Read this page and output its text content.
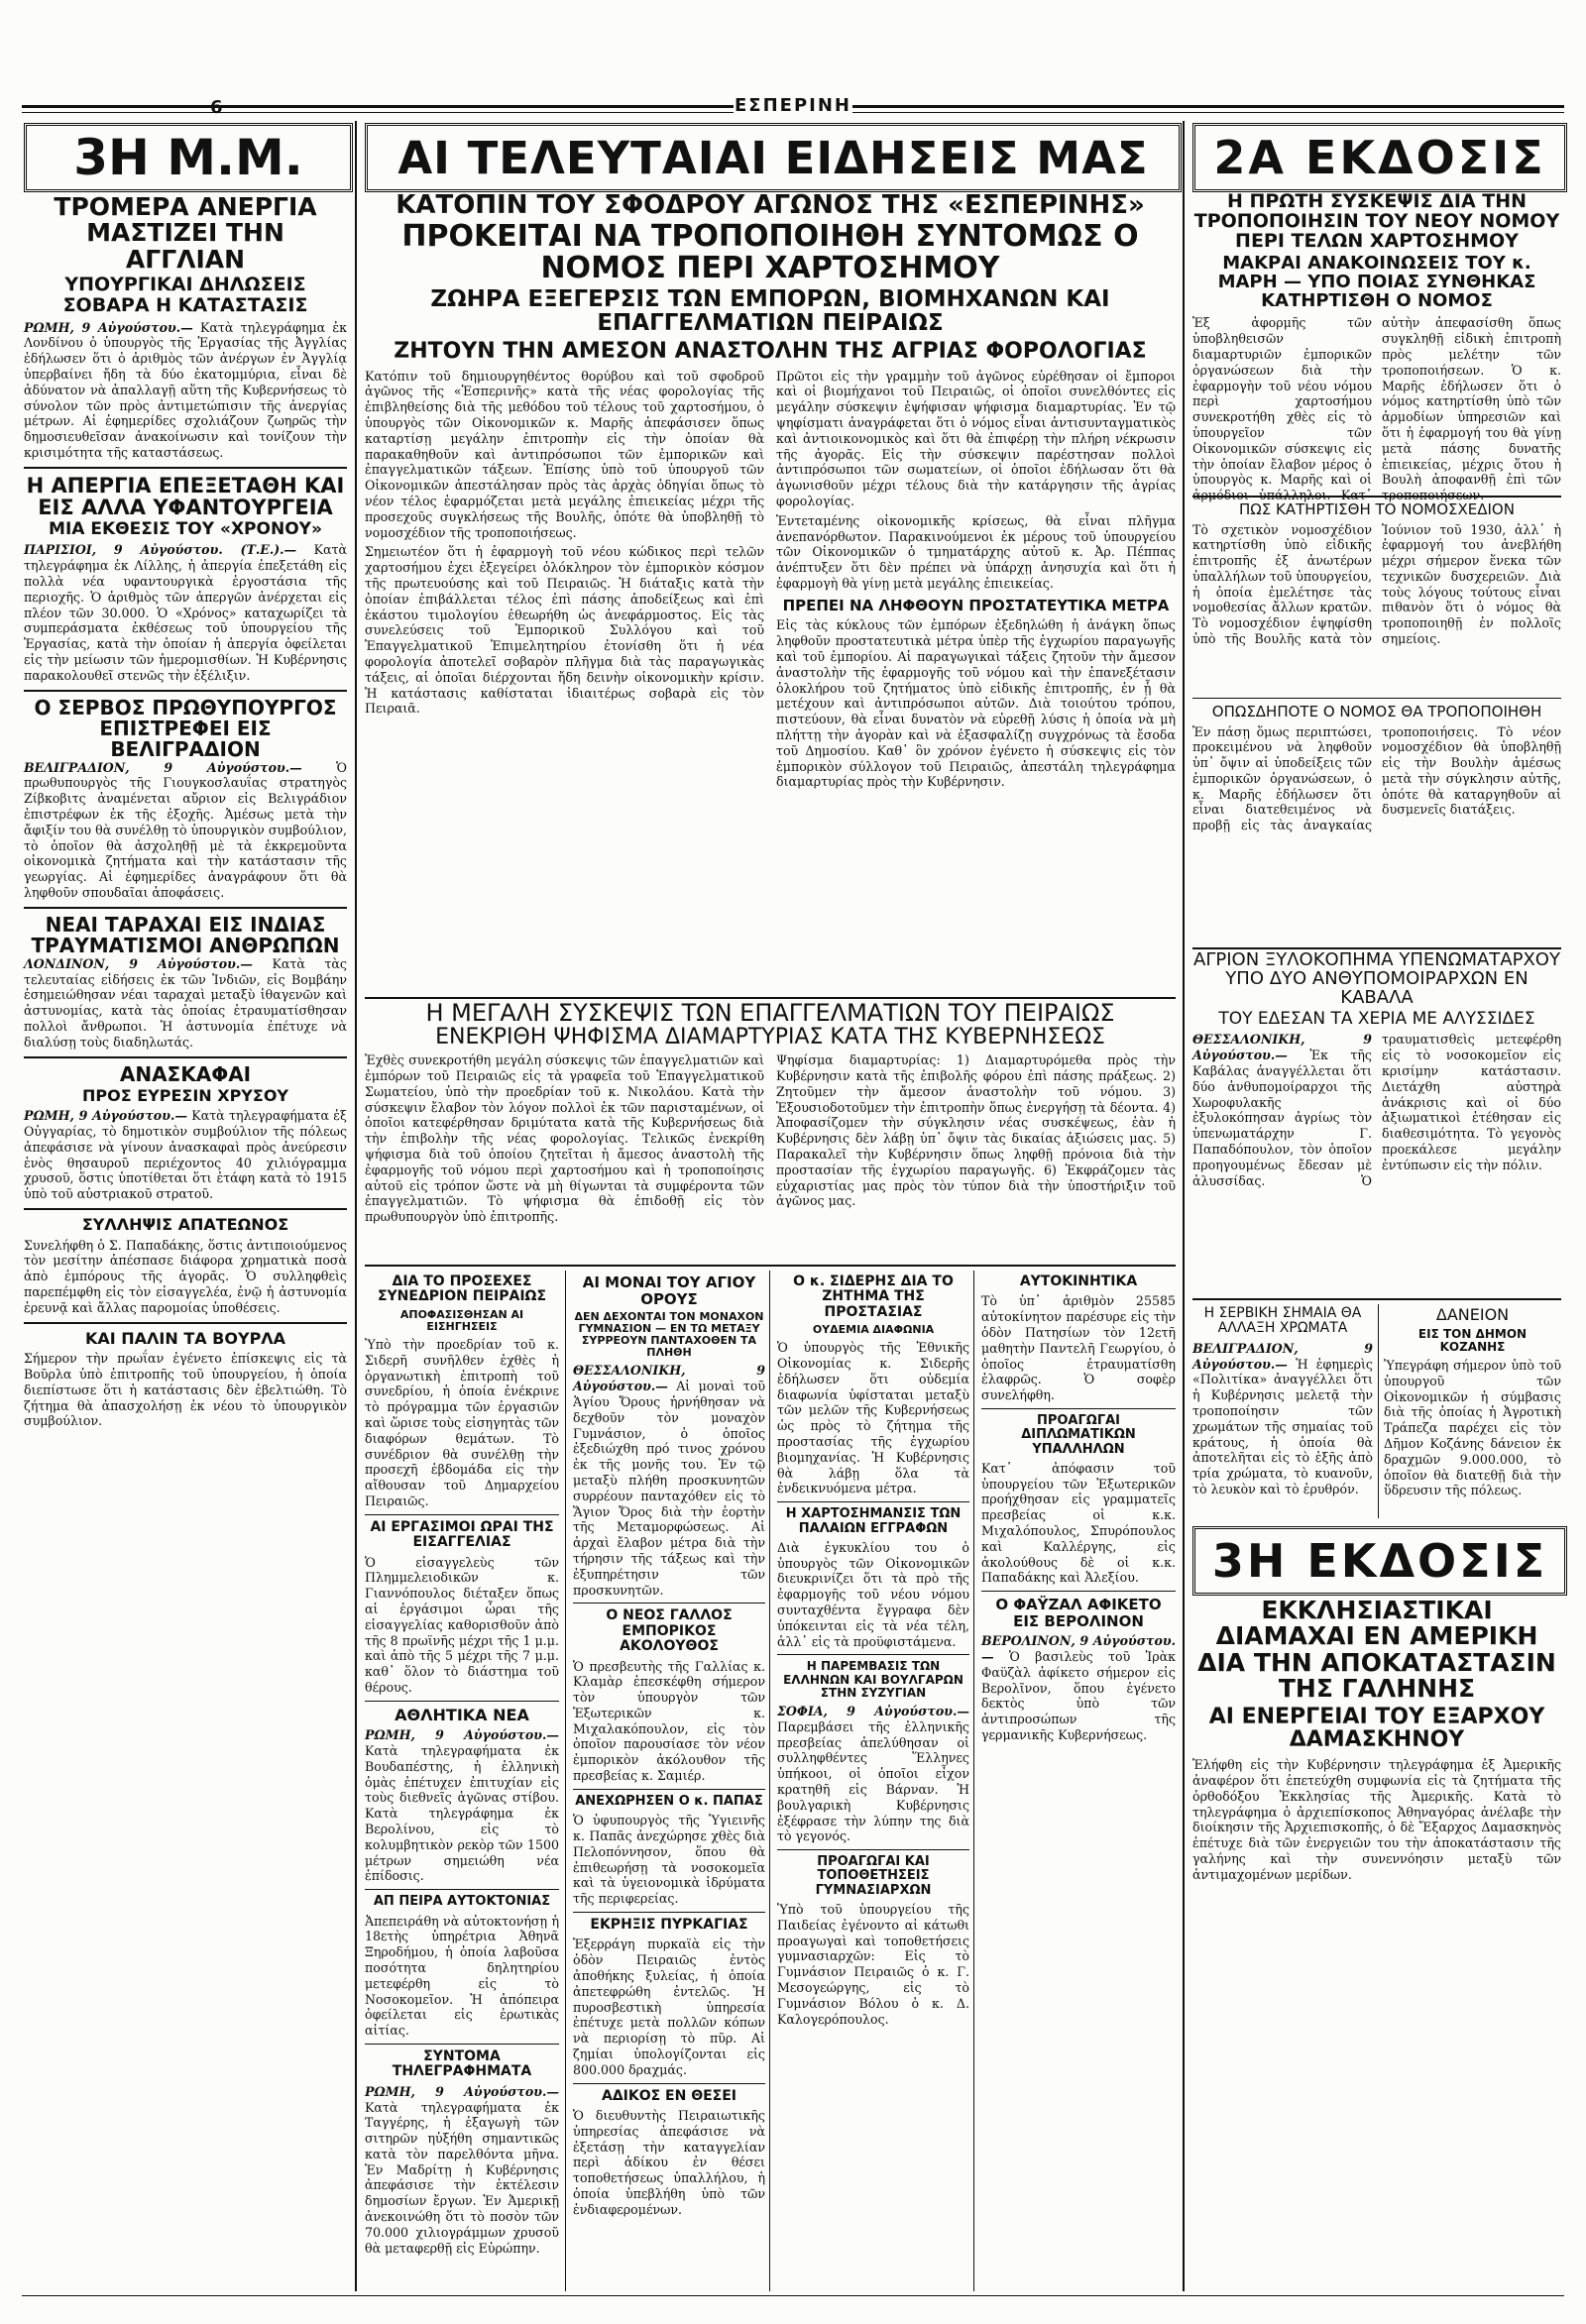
6	ΕΣΠΕΡΙΝΗ
3Η Μ.Μ.
ΤΡΟΜΕΡΑ ΑΝΕΡΓΙΑ ΜΑΣΤΙΖΕΙ ΤΗΝ ΑΓΓΛΙΑΝ
ΥΠΟΥΡΓΙΚΑΙ ΔΗΛΩΣΕΙΣ ΣΟΒΑΡΑ Η ΚΑΤΑΣΤΑΣΙΣ
ΡΩΜΗ, 9 Αὐγούστου.— Κατὰ τηλεγράφημα ἐκ Λονδίνου ὁ ὑπουργὸς τῆς Ἐργασίας τῆς Ἀγγλίας ἐδήλωσεν ὅτι ὁ ἀριθμὸς τῶν ἀνέργων ἐν Ἀγγλίᾳ ὑπερβαίνει ἤδη τὰ δύο ἑκατομμύρια, εἶναι δὲ ἀδύνατον νὰ ἀπαλλαγῇ αὕτη τῆς Κυβερνήσεως τὸ σύνολον τῶν πρὸς ἀντιμετώπισιν τῆς ἀνεργίας μέτρων. Αἱ ἐφημερίδες σχολιάζουν ζωηρῶς τὴν δημοσιευθεῖσαν ἀνακοίνωσιν καὶ τονίζουν τὴν κρισιμότητα τῆς καταστάσεως.
Η ΑΠΕΡΓΙΑ ΕΠΕΞΕΤΑΘΗ ΚΑΙ ΕΙΣ ΑΛΛΑ ΥΦΑΝΤΟΥΡΓΕΙΑ
ΜΙΑ ΕΚΘΕΣΙΣ ΤΟΥ «ΧΡΟΝΟΥ»
ΠΑΡΙΣΙΟΙ, 9 Αὐγούστου. (Τ.Ε.).— Κατὰ τηλεγράφημα ἐκ Λίλλης, ἡ ἀπεργία ἐπεξετάθη εἰς πολλὰ νέα υφαντουργικὰ ἐργοστάσια τῆς περιοχῆς. Ὁ ἀριθμὸς τῶν ἀπεργῶν ἀνέρχεται εἰς πλέον τῶν 30.000. Ὁ «Χρόνος» καταχωρίζει τὰ συμπεράσματα ἐκθέσεως τοῦ ὑπουργείου τῆς Ἐργασίας, κατὰ τὴν ὁποίαν ἡ ἀπεργία ὀφείλεται εἰς τὴν μείωσιν τῶν ἡμερομισθίων. Ἡ Κυβέρνησις παρακολουθεῖ στενῶς τὴν ἐξέλιξιν.
Ο ΣΕΡΒΟΣ ΠΡΩΘΥΠΟΥΡΓΟΣ ΕΠΙΣΤΡΕΦΕΙ ΕΙΣ ΒΕΛΙΓΡΑΔΙΟΝ
ΒΕΛΙΓΡΑΔΙΟΝ, 9 Αὐγούστου.—	Ὁ πρωθυπουργὸς τῆς Γιουγκοσλαυΐας στρατηγὸς Ζίβκοβιτς ἀναμένεται αὔριον εἰς Βελιγράδιον ἐπιστρέφων ἐκ τῆς ἐξοχῆς. Ἀμέσως μετὰ τὴν ἄφιξίν του θὰ συνέλθῃ τὸ ὑπουργικὸν συμβούλιον, τὸ ὁποῖον θὰ ἀσχοληθῇ μὲ τὰ ἐκκρεμοῦντα οἰκονομικὰ ζητήματα καὶ τὴν κατάστασιν τῆς γεωργίας. Αἱ ἐφημερίδες ἀναγράφουν ὅτι θὰ ληφθοῦν σπουδαῖαι ἀποφάσεις.
ΝΕΑΙ ΤΑΡΑΧΑΙ ΕΙΣ ΙΝΔΙΑΣ ΤΡΑΥΜΑΤΙΣΜΟΙ ΑΝΘΡΩΠΩΝ
ΛΟΝΔΙΝΟΝ, 9 Αὐγούστου.— Κατὰ τὰς τελευταίας εἰδήσεις ἐκ τῶν Ἰνδιῶν, εἰς Βομβάην ἐσημειώθησαν νέαι ταραχαὶ μεταξὺ ἰθαγενῶν καὶ ἀστυνομίας, κατὰ τὰς ὁποίας ἐτραυματίσθησαν πολλοὶ ἄνθρωποι. Ἡ ἀστυνομία ἐπέτυχε νὰ διαλύσῃ τοὺς διαδηλωτάς.
ΑΝΑΣΚΑΦΑΙ
ΠΡΟΣ ΕΥΡΕΣΙΝ ΧΡΥΣΟΥ
ΡΩΜΗ, 9 Αὐγούστου.— Κατὰ τηλεγραφήματα ἐξ Οὐγγαρίας, τὸ δημοτικὸν συμβούλιον τῆς πόλεως ἀπεφάσισε νὰ γίνουν ἀνασκαφαὶ πρὸς ἀνεύρεσιν ἑνὸς θησαυροῦ περιέχοντος 40 χιλιόγραμμα χρυσοῦ, ὅστις ὑποτίθεται ὅτι ἐτάφη κατὰ τὸ 1915 ὑπὸ τοῦ αὐστριακοῦ στρατοῦ.
ΣΥΛΛΗΨΙΣ ΑΠΑΤΕΩΝΟΣ
Συνελήφθη ὁ Σ. Παπαδάκης, ὅστις ἀντιποιούμενος τὸν μεσίτην ἀπέσπασε διάφορα χρηματικὰ ποσὰ ἀπὸ ἐμπόρους τῆς ἀγορᾶς. Ὁ συλληφθεὶς παρεπέμφθη εἰς τὸν εἰσαγγελέα, ἐνῷ ἡ ἀστυνομία ἐρευνᾷ καὶ ἄλλας παρομοίας ὑποθέσεις.
ΚΑΙ ΠΑΛΙΝ ΤΑ ΒΟΥΡΛΑ
Σήμερον τὴν πρωΐαν ἐγένετο ἐπίσκεψις εἰς τὰ Βοῦρλα ὑπὸ ἐπιτροπῆς τοῦ ὑπουργείου, ἡ ὁποία διεπίστωσε ὅτι ἡ κατάστασις δὲν ἐβελτιώθη. Τὸ ζήτημα θὰ ἀπασχολήσῃ ἐκ νέου τὸ ὑπουργικὸν συμβούλιον.
ΑΙ ΤΕΛΕΥΤΑΙΑΙ ΕΙΔΗΣΕΙΣ ΜΑΣ
ΚΑΤΟΠΙΝ ΤΟΥ ΣΦΟΔΡΟΥ ΑΓΩΝΟΣ ΤΗΣ «ΕΣΠΕΡΙΝΗΣ»
ΠΡΟΚΕΙΤΑΙ ΝΑ ΤΡΟΠΟΠΟΙΗΘΗ ΣΥΝΤΟΜΩΣ Ο ΝΟΜΟΣ ΠΕΡΙ ΧΑΡΤΟΣΗΜΟΥ
ΖΩΗΡΑ ΕΞΕΓΕΡΣΙΣ ΤΩΝ ΕΜΠΟΡΩΝ, ΒΙΟΜΗΧΑΝΩΝ ΚΑΙ ΕΠΑΓΓΕΛΜΑΤΙΩΝ ΠΕΙΡΑΙΩΣ
ΖΗΤΟΥΝ ΤΗΝ ΑΜΕΣΟΝ ΑΝΑΣΤΟΛΗΝ ΤΗΣ ΑΓΡΙΑΣ ΦΟΡΟΛΟΓΙΑΣ
Κατόπιν τοῦ δημιουργηθέντος θορύβου καὶ τοῦ σφοδροῦ ἀγῶνος τῆς «Ἑσπερινῆς» κατὰ τῆς νέας φορολογίας τῆς ἐπιβληθείσης διὰ τῆς μεθόδου τοῦ τέλους τοῦ χαρτοσήμου, ὁ ὑπουργὸς τῶν Οἰκονομικῶν κ. Μαρῆς ἀπεφάσισεν ὅπως καταρτίσῃ μεγάλην ἐπιτροπὴν εἰς τὴν ὁποίαν θὰ παρακαθηθοῦν καὶ ἀντιπρόσωποι τῶν ἐμπορικῶν καὶ ἐπαγγελματικῶν τάξεων. Ἐπίσης ὑπὸ τοῦ ὑπουργοῦ τῶν Οἰκονομικῶν ἀπεστάλησαν πρὸς τὰς ἀρχὰς ὁδηγίαι ὅπως τὸ νέον τέλος ἐφαρμόζεται μετὰ μεγάλης ἐπιεικείας μέχρι τῆς προσεχοῦς συγκλήσεως τῆς Βουλῆς, ὁπότε θὰ ὑποβληθῇ τὸ νομοσχέδιον τῆς τροποποιήσεως.
Σημειωτέον ὅτι ἡ ἐφαρμογὴ τοῦ νέου κώδικος περὶ τελῶν χαρτοσήμου ἐχει ἐξεγείρει ὁλόκληρον τὸν ἐμπορικὸν κόσμον τῆς πρωτευούσης καὶ τοῦ Πειραιῶς. Ἡ διάταξις κατὰ τὴν ὁποίαν ἐπιβάλλεται τέλος ἐπὶ πάσης ἀποδείξεως καὶ ἐπὶ ἑκάστου τιμολογίου ἐθεωρήθη ὡς ἀνεφάρμοστος. Εἰς τὰς συνελεύσεις τοῦ Ἐμπορικοῦ Συλλόγου καὶ τοῦ Ἐπαγγελματικοῦ Ἐπιμελητηρίου ἐτονίσθη ὅτι ἡ νέα φορολογία ἀποτελεῖ σοβαρὸν πλῆγμα διὰ τὰς παραγωγικὰς τάξεις, αἱ ὁποῖαι διέρχονται ἤδη δεινὴν οἰκονομικὴν κρίσιν. Ἡ κατάστασις καθίσταται ἰδιαιτέρως σοβαρὰ εἰς τὸν Πειραιᾶ.
Πρῶτοι εἰς τὴν γραμμὴν τοῦ ἀγῶνος εὑρέθησαν οἱ ἔμποροι καὶ οἱ βιομήχανοι τοῦ Πειραιῶς, οἱ ὁποῖοι συνελθόντες εἰς μεγάλην σύσκεψιν ἐψήφισαν ψήφισμα διαμαρτυρίας. Ἐν τῷ ψηφίσματι ἀναγράφεται ὅτι ὁ νόμος εἶναι ἀντισυνταγματικὸς καὶ ἀντιοικονομικὸς καὶ ὅτι θὰ ἐπιφέρῃ τὴν πλήρη νέκρωσιν τῆς ἀγορᾶς. Εἰς τὴν σύσκεψιν παρέστησαν πολλοὶ ἀντιπρόσωποι τῶν σωματείων, οἱ ὁποῖοι ἐδήλωσαν ὅτι θὰ ἀγωνισθοῦν μέχρι τέλους διὰ τὴν κατάργησιν τῆς ἀγρίας φορολογίας.
Ἐντεταμένης οἰκονομικῆς κρίσεως, θὰ εἶναι πλῆγμα ἀνεπανόρθωτον. Παρακινούμενοι ἐκ μέρους τοῦ ὑπουργείου τῶν Οἰκονομικῶν ὁ τμηματάρχης αὐτοῦ κ. Ἀρ. Πέππας ἀνέπτυξεν ὅτι δὲν πρέπει νὰ ὑπάρχῃ ἀνησυχία καὶ ὅτι ἡ ἐφαρμογὴ θὰ γίνῃ μετὰ μεγάλης ἐπιεικείας.
ΠΡΕΠΕΙ ΝΑ ΛΗΦΘΟΥΝ ΠΡΟΣΤΑΤΕΥΤΙΚΑ ΜΕΤΡΑ
Εἰς τὰς κύκλους τῶν ἐμπόρων ἐξεδηλώθη ἡ ἀνάγκη ὅπως ληφθοῦν προστατευτικὰ μέτρα ὑπὲρ τῆς ἐγχωρίου παραγωγῆς καὶ τοῦ ἐμπορίου. Αἱ παραγωγικαὶ τάξεις ζητοῦν τὴν ἄμεσον ἀναστολὴν τῆς ἐφαρμογῆς τοῦ νόμου καὶ τὴν ἐπανεξέτασιν ὁλοκλήρου τοῦ ζητήματος ὑπὸ εἰδικῆς ἐπιτροπῆς, ἐν ᾗ θὰ μετέχουν καὶ ἀντιπρόσωποι αὐτῶν. Διὰ τοιούτου τρόπου, πιστεύουν, θὰ εἶναι δυνατὸν νὰ εὑρεθῇ λύσις ἡ ὁποία νὰ μὴ πλήττῃ τὴν ἀγορὰν καὶ νὰ ἐξασφαλίζῃ συγχρόνως τὰ ἔσοδα τοῦ Δημοσίου. Καθ᾽ ὃν χρόνον ἐγένετο ἡ σύσκεψις εἰς τὸν ἐμπορικὸν σύλλογον τοῦ Πειραιῶς, ἀπεστάλη τηλεγράφημα διαμαρτυρίας πρὸς τὴν Κυβέρνησιν.
Η ΜΕΓΑΛΗ ΣΥΣΚΕΨΙΣ ΤΩΝ ΕΠΑΓΓΕΛΜΑΤΙΩΝ ΤΟΥ ΠΕΙΡΑΙΩΣ
ΕΝΕΚΡΙΘΗ ΨΗΦΙΣΜΑ ΔΙΑΜΑΡΤΥΡΙΑΣ ΚΑΤΑ ΤΗΣ ΚΥΒΕΡΝΗΣΕΩΣ
Ἐχθὲς συνεκροτήθη μεγάλη σύσκεψις τῶν ἐπαγγελματιῶν καὶ ἐμπόρων τοῦ Πειραιῶς εἰς τὰ γραφεῖα τοῦ Ἐπαγγελματικοῦ Σωματείου, ὑπὸ τὴν προεδρίαν τοῦ κ. Νικολάου. Κατὰ τὴν σύσκεψιν ἔλαβον τὸν λόγον πολλοὶ ἐκ τῶν παρισταμένων, οἱ ὁποῖοι κατεφέρθησαν δριμύτατα κατὰ τῆς Κυβερνήσεως διὰ τὴν ἐπιβολὴν τῆς νέας φορολογίας. Τελικῶς ἐνεκρίθη ψήφισμα διὰ τοῦ ὁποίου ζητεῖται ἡ ἄμεσος ἀναστολὴ τῆς ἐφαρμογῆς τοῦ νόμου περὶ χαρτοσήμου καὶ ἡ τροποποίησις αὐτοῦ εἰς τρόπον ὥστε νὰ μὴ θίγωνται τὰ συμφέροντα τῶν ἐπαγγελματιῶν. Τὸ ψήφισμα θὰ ἐπιδοθῇ εἰς τὸν πρωθυπουργὸν ὑπὸ ἐπιτροπῆς.
Ψηφίσμα διαμαρτυρίας: 1) Διαμαρτυρόμεθα πρὸς τὴν Κυβέρνησιν κατὰ τῆς ἐπιβολῆς φόρου ἐπὶ πάσης πράξεως. 2) Ζητοῦμεν τὴν ἄμεσον ἀναστολὴν τοῦ νόμου. 3) Ἐξουσιοδοτοῦμεν τὴν ἐπιτροπὴν ὅπως ἐνεργήσῃ τὰ δέοντα. 4) Ἀποφασίζομεν τὴν σύγκλησιν νέας συσκέψεως, ἐὰν ἡ Κυβέρνησις δὲν λάβῃ ὑπ᾽ ὄψιν τὰς δικαίας ἀξιώσεις μας. 5) Παρακαλεῖ τὴν Κυβέρνησιν ὅπως ληφθῇ πρόνοια διὰ τὴν προστασίαν τῆς ἐγχωρίου παραγωγῆς. 6) Ἐκφράζομεν τὰς εὐχαριστίας μας πρὸς τὸν τύπον διὰ τὴν ὑποστήριξιν τοῦ ἀγῶνος μας.
ΔΙΑ ΤΟ ΠΡΟΣΕΧΕΣ ΣΥΝΕΔΡΙΟΝ ΠΕΙΡΑΙΩΣ
ΑΠΟΦΑΣΙΣΘΗΣΑΝ ΑΙ ΕΙΣΗΓΗΣΕΙΣ
Ὑπὸ τὴν προεδρίαν τοῦ κ. Σιδερῆ συνῆλθεν ἐχθὲς ἡ ὀργανωτικὴ ἐπιτροπὴ τοῦ συνεδρίου, ἡ ὁποία ἐνέκρινε τὸ πρόγραμμα τῶν ἐργασιῶν καὶ ὥρισε τοὺς εἰσηγητὰς τῶν διαφόρων θεμάτων. Τὸ συνέδριον θὰ συνέλθῃ τὴν προσεχῆ ἑβδομάδα εἰς τὴν αἴθουσαν τοῦ Δημαρχείου Πειραιῶς.
ΑΙ ΕΡΓΑΣΙΜΟΙ ΩΡΑΙ ΤΗΣ ΕΙΣΑΓΓΕΛΙΑΣ
Ὁ εἰσαγγελεὺς τῶν Πλημμελειοδικῶν κ. Γιαννόπουλος διέταξεν ὅπως αἱ ἐργάσιμοι ὧραι τῆς εἰσαγγελίας καθορισθοῦν ἀπὸ τῆς 8 πρωϊνῆς μέχρι τῆς 1 μ.μ. καὶ ἀπὸ τῆς 5 μέχρι τῆς 7 μ.μ. καθ᾽ ὅλον τὸ διάστημα τοῦ θέρους.
ΑΘΛΗΤΙΚΑ ΝΕΑ
ΡΩΜΗ, 9 Αὐγούστου.— Κατὰ τηλεγραφήματα ἐκ Βουδαπέστης, ἡ ἑλληνικὴ ὁμὰς ἐπέτυχεν ἐπιτυχίαν εἰς τοὺς διεθνεῖς ἀγῶνας στίβου. Κατὰ τηλεγράφημα ἐκ Βερολίνου, εἰς τὸ κολυμβητικὸν ρεκὸρ τῶν 1500 μέτρων σημειώθη νέα ἐπίδοσις.
ΑΠ ΠΕΙΡΑ ΑΥΤΟΚΤΟΝΙΑΣ
Ἀπεπειράθη νὰ αὐτοκτονήσῃ ἡ 18ετὴς ὑπηρέτρια Ἀθηνᾶ Ξηροδήμου, ἡ ὁποία λαβοῦσα ποσότητα δηλητηρίου μετεφέρθη εἰς τὸ Νοσοκομεῖον. Ἡ ἀπόπειρα ὀφείλεται εἰς ἐρωτικὰς αἰτίας.
ΣΥΝΤΟΜΑ ΤΗΛΕΓΡΑΦΗΜΑΤΑ
ΡΩΜΗ, 9 Αὐγούστου.— Κατὰ τηλεγραφήματα ἐκ Ταγγέρης, ἡ ἐξαγωγὴ τῶν σιτηρῶν ηὐξήθη σημαντικῶς κατὰ τὸν παρελθόντα μῆνα. Ἐν Μαδρίτῃ ἡ Κυβέρνησις ἀπεφάσισε τὴν ἐκτέλεσιν δημοσίων ἔργων. Ἐν Ἀμερικῇ ἀνεκοινώθη ὅτι τὸ ποσὸν τῶν 70.000 χιλιογράμμων χρυσοῦ θὰ μεταφερθῇ εἰς Εὐρώπην.
ΑΙ ΜΟΝΑΙ ΤΟΥ ΑΓΙΟΥ ΟΡΟΥΣ
ΔΕΝ ΔΕΧΟΝΤΑΙ ΤΟΝ ΜΟΝΑΧΟΝ ΓΥΜΝΑΣΙΟΝ — ΕΝ ΤΩ ΜΕΤΑΞΥ ΣΥΡΡΕΟΥΝ ΠΑΝΤΑΧΟΘΕΝ ΤΑ ΠΛΗΘΗ
ΘΕΣΣΑΛΟΝΙΚΗ, 9 Αὐγούστου.— Αἱ μοναὶ τοῦ Ἁγίου Ὄρους ἠρνήθησαν νὰ δεχθοῦν τὸν μοναχὸν Γυμνάσιον, ὁ ὁποῖος ἐξεδιώχθη πρό τινος χρόνου ἐκ τῆς μονῆς του. Ἐν τῷ μεταξὺ πλήθη προσκυνητῶν συρρέουν πανταχόθεν εἰς τὸ Ἅγιον Ὄρος διὰ τὴν ἑορτὴν τῆς Μεταμορφώσεως. Αἱ ἀρχαὶ ἔλαβον μέτρα διὰ τὴν τήρησιν τῆς τάξεως καὶ τὴν ἐξυπηρέτησιν τῶν προσκυνητῶν.
Ο ΝΕΟΣ ΓΑΛΛΟΣ ΕΜΠΟΡΙΚΟΣ ΑΚΟΛΟΥΘΟΣ
Ὁ πρεσβευτὴς τῆς Γαλλίας κ. Κλαμὰρ ἐπεσκέφθη σήμερον τὸν ὑπουργὸν τῶν Ἐξωτερικῶν κ. Μιχαλακόπουλον, εἰς τὸν ὁποῖον παρουσίασε τὸν νέον ἐμπορικὸν ἀκόλουθον τῆς πρεσβείας κ. Σαμιέρ.
ΑΝΕΧΩΡΗΣΕΝ Ο κ. ΠΑΠΑΣ
Ὁ ὑφυπουργὸς τῆς Ὑγιεινῆς κ. Παπᾶς ἀνεχώρησε χθὲς διὰ Πελοπόννησον, ὅπου θὰ ἐπιθεωρήσῃ τὰ νοσοκομεῖα καὶ τὰ ὑγειονομικὰ ἱδρύματα τῆς περιφερείας.
ΕΚΡΗΞΙΣ ΠΥΡΚΑΓΙΑΣ
Ἐξερράγη πυρκαϊὰ εἰς τὴν ὁδὸν Πειραιῶς ἐντὸς ἀποθήκης ξυλείας, ἡ ὁποία ἀπετεφρώθη ἐντελῶς. Ἡ πυροσβεστικὴ ὑπηρεσία ἐπέτυχε μετὰ πολλῶν κόπων νὰ περιορίσῃ τὸ πῦρ. Αἱ ζημίαι ὑπολογίζονται εἰς 800.000 δραχμάς.
ΑΔΙΚΟΣ ΕΝ ΘΕΣΕΙ
Ὁ διευθυντὴς Πειραιωτικῆς ὑπηρεσίας ἀπεφάσισε νὰ ἐξετάσῃ τὴν καταγγελίαν περὶ ἀδίκου ἐν θέσει τοποθετήσεως ὑπαλλήλου, ἡ ὁποία ὑπεβλήθη ὑπὸ τῶν ἐνδιαφερομένων.
Ο κ. ΣΙΔΕΡΗΣ ΔΙΑ ΤΟ ΖΗΤΗΜΑ ΤΗΣ ΠΡΟΣΤΑΣΙΑΣ
ΟΥΔΕΜΙΑ ΔΙΑΦΩΝΙΑ
Ὁ ὑπουργὸς τῆς Ἐθνικῆς Οἰκονομίας κ. Σιδερῆς ἐδήλωσεν ὅτι οὐδεμία διαφωνία ὑφίσταται μεταξὺ τῶν μελῶν τῆς Κυβερνήσεως ὡς πρὸς τὸ ζήτημα τῆς προστασίας τῆς ἐγχωρίου βιομηχανίας. Ἡ Κυβέρνησις θὰ λάβῃ ὅλα τὰ ἐνδεικνυόμενα μέτρα.
Η ΧΑΡΤΟΣΗΜΑΝΣΙΣ ΤΩΝ ΠΑΛΑΙΩΝ ΕΓΓΡΑΦΩΝ
Διὰ ἐγκυκλίου του ὁ ὑπουργὸς τῶν Οἰκονομικῶν διευκρινίζει ὅτι τὰ πρὸ τῆς ἐφαρμογῆς τοῦ νέου νόμου συνταχθέντα ἔγγραφα δὲν ὑπόκεινται εἰς τὰ νέα τέλη, ἀλλ᾽ εἰς τὰ προϋφιστάμενα.
Η ΠΑΡΕΜΒΑΣΙΣ ΤΩΝ ΕΛΛΗΝΩΝ ΚΑΙ ΒΟΥΛΓΑΡΩΝ ΣΤΗΝ ΣΥΖΥΓΙΑΝ
ΣΟΦΙΑ, 9 Αὐγούστου.— Παρεμβάσει τῆς ἑλληνικῆς πρεσβείας ἀπελύθησαν οἱ συλληφθέντες Ἕλληνες ὑπήκοοι, οἱ ὁποῖοι εἶχον κρατηθῆ εἰς Βάρναν. Ἡ βουλγαρικὴ Κυβέρνησις ἐξέφρασε τὴν λύπην της διὰ τὸ γεγονός.
ΠΡΟΑΓΩΓΑΙ ΚΑΙ ΤΟΠΟΘΕΤΗΣΕΙΣ ΓΥΜΝΑΣΙΑΡΧΩΝ
Ὑπὸ τοῦ ὑπουργείου τῆς Παιδείας ἐγένοντο αἱ κάτωθι προαγωγαὶ καὶ τοποθετήσεις γυμνασιαρχῶν: Εἰς τὸ Γυμνάσιον Πειραιῶς ὁ κ. Γ. Μεσογεώργης, εἰς τὸ Γυμνάσιον Βόλου ὁ κ. Δ. Καλογερόπουλος.
ΑΥΤΟΚΙΝΗΤΙΚΑ
Τὸ ὑπ᾽ ἀριθμὸν 25585 αὐτοκίνητον παρέσυρε εἰς τὴν ὁδὸν Πατησίων τὸν 12ετῆ μαθητὴν Παντελῆ Γεωργίου, ὁ ὁποῖος ἐτραυματίσθη ἐλαφρῶς. Ὁ σοφὲρ συνελήφθη.
ΠΡΟΑΓΩΓΑΙ ΔΙΠΛΩΜΑΤΙΚΩΝ ΥΠΑΛΛΗΛΩΝ
Κατ᾽ ἀπόφασιν τοῦ ὑπουργείου τῶν Ἐξωτερικῶν προήχθησαν εἰς γραμματεῖς πρεσβείας οἱ κ.κ. Μιχαλόπουλος, Σπυρόπουλος καὶ Καλλέργης, εἰς ἀκολούθους δὲ οἱ κ.κ. Παπαδάκης καὶ Ἀλεξίου.
Ο ΦΑΫΖΑΛ ΑΦΙΚΕΤΟ ΕΙΣ ΒΕΡΟΛΙΝΟΝ
ΒΕΡΟΛΙΝΟΝ, 9 Αὐγούστου.— Ὁ βασιλεὺς τοῦ Ἰρὰκ Φαϋζὰλ ἀφίκετο σήμερον εἰς Βερολῖνον, ὅπου ἐγένετο δεκτὸς ὑπὸ τῶν ἀντιπροσώπων τῆς γερμανικῆς Κυβερνήσεως.
2Α ΕΚΔΟΣΙΣ
Η ΠΡΩΤΗ ΣΥΣΚΕΨΙΣ ΔΙΑ ΤΗΝ ΤΡΟΠΟΠΟΙΗΣΙΝ ΤΟΥ ΝΕΟΥ ΝΟΜΟΥ ΠΕΡΙ ΤΕΛΩΝ ΧΑΡΤΟΣΗΜΟΥ
ΜΑΚΡΑΙ ΑΝΑΚΟΙΝΩΣΕΙΣ ΤΟΥ κ. ΜΑΡΗ — ΥΠΟ ΠΟΙΑΣ ΣΥΝΘΗΚΑΣ ΚΑΤΗΡΤΙΣΘΗ Ο ΝΟΜΟΣ
Ἐξ ἀφορμῆς τῶν ὑποβληθεισῶν διαμαρτυριῶν ἐμπορικῶν ὀργανώσεων διὰ τὴν ἐφαρμογὴν τοῦ νέου νόμου περὶ χαρτοσήμου συνεκροτήθη χθὲς εἰς τὸ ὑπουργεῖον τῶν Οἰκονομικῶν σύσκεψις εἰς τὴν ὁποίαν ἔλαβον μέρος ὁ ὑπουργὸς κ. Μαρῆς καὶ οἱ αὐτὴν ἀπεφασίσθη ὅπως συγκληθῇ εἰδικὴ ἐπιτροπὴ πρὸς μελέτην τῶν τροποποιήσεων. Ὁ κ. Μαρῆς ἐδήλωσεν ὅτι ὁ νόμος κατηρτίσθη ὑπὸ τῶν ἀρμοδίων ὑπηρεσιῶν καὶ ὅτι ἡ ἐφαρμογή του θὰ γίνῃ μετὰ πάσης δυνατῆς ἐπιεικείας, μέχρις ὅτου ἡ Βουλὴ ἀποφανθῇ ἐπὶ τῶν
ΠΩΣ ΚΑΤΗΡΤΙΣΘΗ ΤΟ ΝΟΜΟΣΧΕΔΙΟΝ
Τὸ σχετικὸν νομοσχέδιον κατηρτίσθη ὑπὸ εἰδικῆς ἐπιτροπῆς ἐξ ἀνωτέρων ὑπαλλήλων τοῦ ὑπουργείου, ἡ ὁποία ἐμελέτησε τὰς νομοθεσίας ἄλλων κρατῶν. Τὸ νομοσχέδιον ἐψηφίσθη ὑπὸ τῆς Βουλῆς κατὰ τὸν Ἰούνιον τοῦ 1930, ἀλλ᾽ ἡ ἐφαρμογή του ἀνεβλήθη μέχρι σήμερον ἕνεκα τῶν τεχνικῶν δυσχερειῶν. Διὰ τοὺς λόγους τούτους εἶναι πιθανὸν ὅτι ὁ νόμος θὰ τροποποιηθῇ ἐν πολλοῖς σημείοις.
ΟΠΩΣΔΗΠΟΤΕ Ο ΝΟΜΟΣ ΘΑ ΤΡΟΠΟΠΟΙΗΘΗ
Ἐν πάσῃ ὅμως περιπτώσει, προκειμένου νὰ ληφθοῦν ὑπ᾽ ὄψιν αἱ ὑποδείξεις τῶν ἐμπορικῶν ὀργανώσεων, ὁ κ. Μαρῆς ἐδήλωσεν ὅτι εἶναι διατεθειμένος νὰ προβῇ εἰς τὰς ἀναγκαίας τροποποιήσεις. Τὸ νέον νομοσχέδιον θὰ ὑποβληθῇ εἰς τὴν Βουλὴν ἀμέσως μετὰ τὴν σύγκλησιν αὐτῆς, ὁπότε θὰ καταργηθοῦν αἱ δυσμενεῖς διατάξεις.
ΑΓΡΙΟΝ ΞΥΛΟΚΟΠΗΜΑ ΥΠΕΝΩΜΑΤΑΡΧΟΥ ΥΠΟ ΔΥΟ ΑΝΘΥΠΟΜΟΙΡΑΡΧΩΝ ΕΝ ΚΑΒΑΛΑ
ΤΟΥ ΕΔΕΣΑΝ ΤΑ ΧΕΡΙΑ ΜΕ ΑΛΥΣΣΙΔΕΣ
ΘΕΣΣΑΛΟΝΙΚΗ, 9 Αὐγούστου.— Ἐκ τῆς Καβάλας ἀναγγέλλεται ὅτι δύο ἀνθυπομοίραρχοι τῆς Χωροφυλακῆς ἐξυλοκόπησαν ἀγρίως τὸν ὑπενωματάρχην Γ. Παπαδόπουλον, τὸν ὁποῖον προηγουμένως ἔδεσαν μὲ ἁλυσσίδας. Ὁ τραυματισθεὶς μετεφέρθη εἰς τὸ νοσοκομεῖον εἰς κρισίμην κατάστασιν. Διετάχθη αὐστηρὰ ἀνάκρισις καὶ οἱ δύο ἀξιωματικοὶ ἐτέθησαν εἰς διαθεσιμότητα. Τὸ γεγονὸς προεκάλεσε μεγάλην ἐντύπωσιν εἰς τὴν πόλιν.
Η ΣΕΡΒΙΚΗ ΣΗΜΑΙΑ ΘΑ ΑΛΛΑΞΗ ΧΡΩΜΑΤΑ
ΒΕΛΙΓΡΑΔΙΟΝ, 9 Αὐγούστου.— Ἡ ἐφημερὶς «Πολιτίκα» ἀναγγέλλει ὅτι ἡ Κυβέρνησις μελετᾷ τὴν τροποποίησιν τῶν χρωμάτων τῆς σημαίας τοῦ κράτους, ἡ ὁποία θὰ ἀποτελῆται εἰς τὸ ἑξῆς ἀπὸ τρία χρώματα, τὸ κυανοῦν, τὸ λευκὸν καὶ τὸ ἐρυθρόν.
ΔΑΝΕΙΟΝ
ΕΙΣ ΤΟΝ ΔΗΜΟΝ ΚΟΖΑΝΗΣ
Ὑπεγράφη σήμερον ὑπὸ τοῦ ὑπουργοῦ τῶν Οἰκονομικῶν ἡ σύμβασις διὰ τῆς ὁποίας ἡ Ἀγροτικὴ Τράπεζα παρέχει εἰς τὸν Δῆμον Κοζάνης δάνειον ἐκ δραχμῶν 9.000.000, τὸ ὁποῖον θὰ διατεθῇ διὰ τὴν ὕδρευσιν τῆς πόλεως.
3Η ΕΚΔΟΣΙΣ
ΕΚΚΛΗΣΙΑΣΤΙΚΑΙ ΔΙΑΜΑΧΑΙ ΕΝ ΑΜΕΡΙΚΗ ΔΙΑ ΤΗΝ ΑΠΟΚΑΤΑΣΤΑΣΙΝ ΤΗΣ ΓΑΛΗΝΗΣ
ΑΙ ΕΝΕΡΓΕΙΑΙ ΤΟΥ ΕΞΑΡΧΟΥ ΔΑΜΑΣΚΗΝΟΥ
Ἐλήφθη εἰς τὴν Κυβέρνησιν τηλεγράφημα ἐξ Ἀμερικῆς ἀναφέρον ὅτι ἐπετεύχθη συμφωνία εἰς τὰ ζητήματα τῆς ὀρθοδόξου Ἑκκλησίας τῆς Ἀμερικῆς. Κατὰ τὸ τηλεγράφημα ὁ ἀρχιεπίσκοπος Ἀθηναγόρας ἀνέλαβε τὴν διοίκησιν τῆς Ἀρχιεπισκοπῆς, ὁ δὲ Ἔξαρχος Δαμασκηνὸς ἐπέτυχε διὰ τῶν ἐνεργειῶν του τὴν ἀποκατάστασιν τῆς γαλήνης καὶ τὴν συνεννόησιν μεταξὺ τῶν ἀντιμαχομένων μερίδων.
